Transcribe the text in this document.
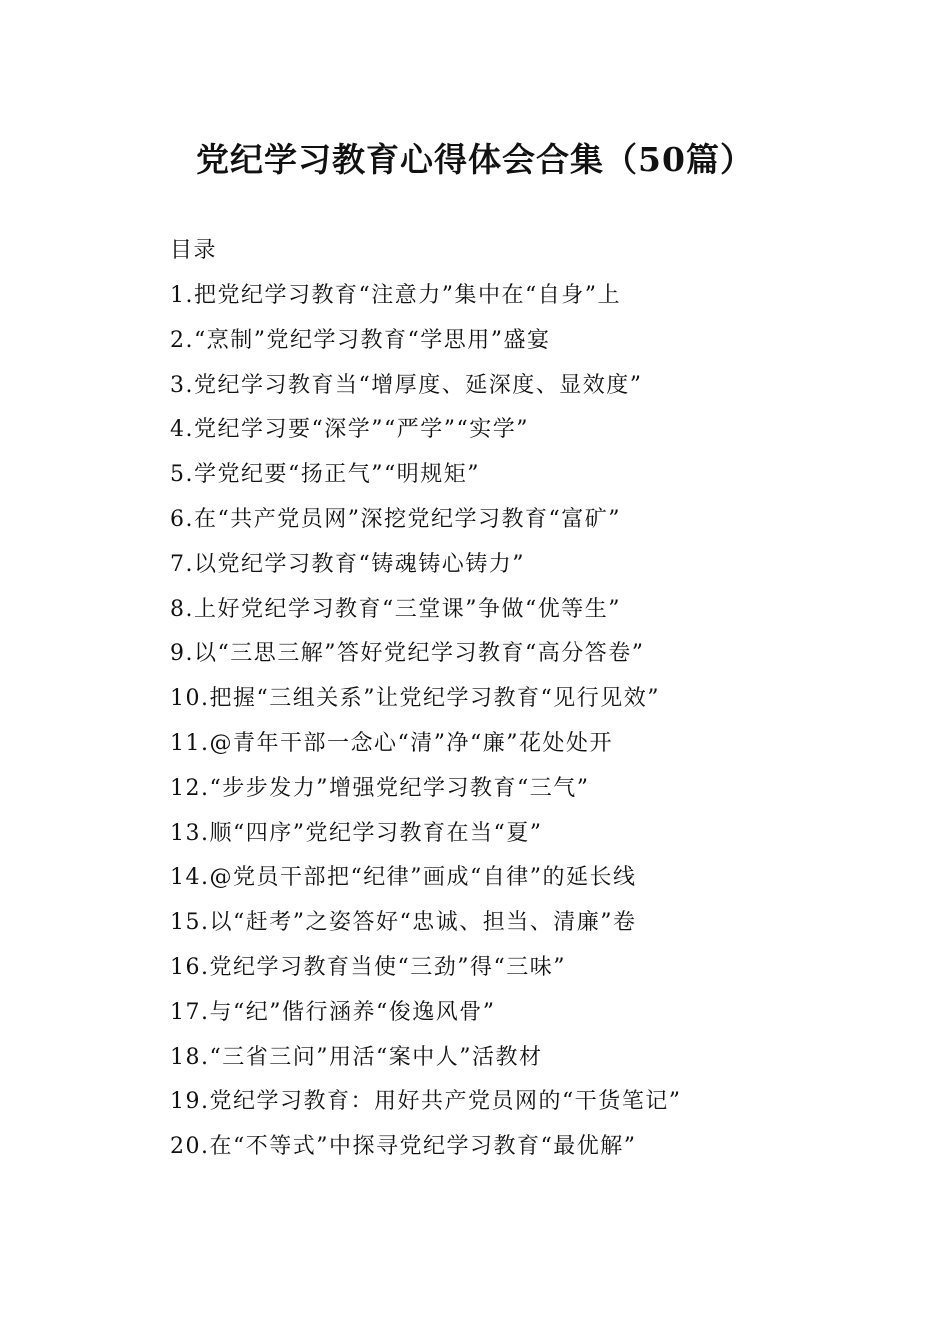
党纪学习教育心得体会合集（50篇）
目录
1.把党纪学习教育“注意力”集中在“自身”上
2.“烹制”党纪学习教育“学思用”盛宴
3.党纪学习教育当“增厚度、延深度、显效度”
4.党纪学习要“深学”“严学”“实学”
5.学党纪要“扬正气”“明规矩”
6.在“共产党员网”深挖党纪学习教育“富矿”
7.以党纪学习教育“铸魂铸心铸力”
8.上好党纪学习教育“三堂课”争做“优等生”
9.以“三思三解”答好党纪学习教育“高分答卷”
10.把握“三组关系”让党纪学习教育“见行见效”
11.@青年干部一念心“清”净“廉”花处处开
12.“步步发力”增强党纪学习教育“三气”
13.顺“四序”党纪学习教育在当“夏”
14.@党员干部把“纪律”画成“自律”的延长线
15.以“赶考”之姿答好“忠诚、担当、清廉”卷
16.党纪学习教育当使“三劲”得“三味”
17.与“纪”偕行涵养“俊逸风骨”
18.“三省三问”用活“案中人”活教材
19.党纪学习教育：用好共产党员网的“干货笔记”
20.在“不等式”中探寻党纪学习教育“最优解”
